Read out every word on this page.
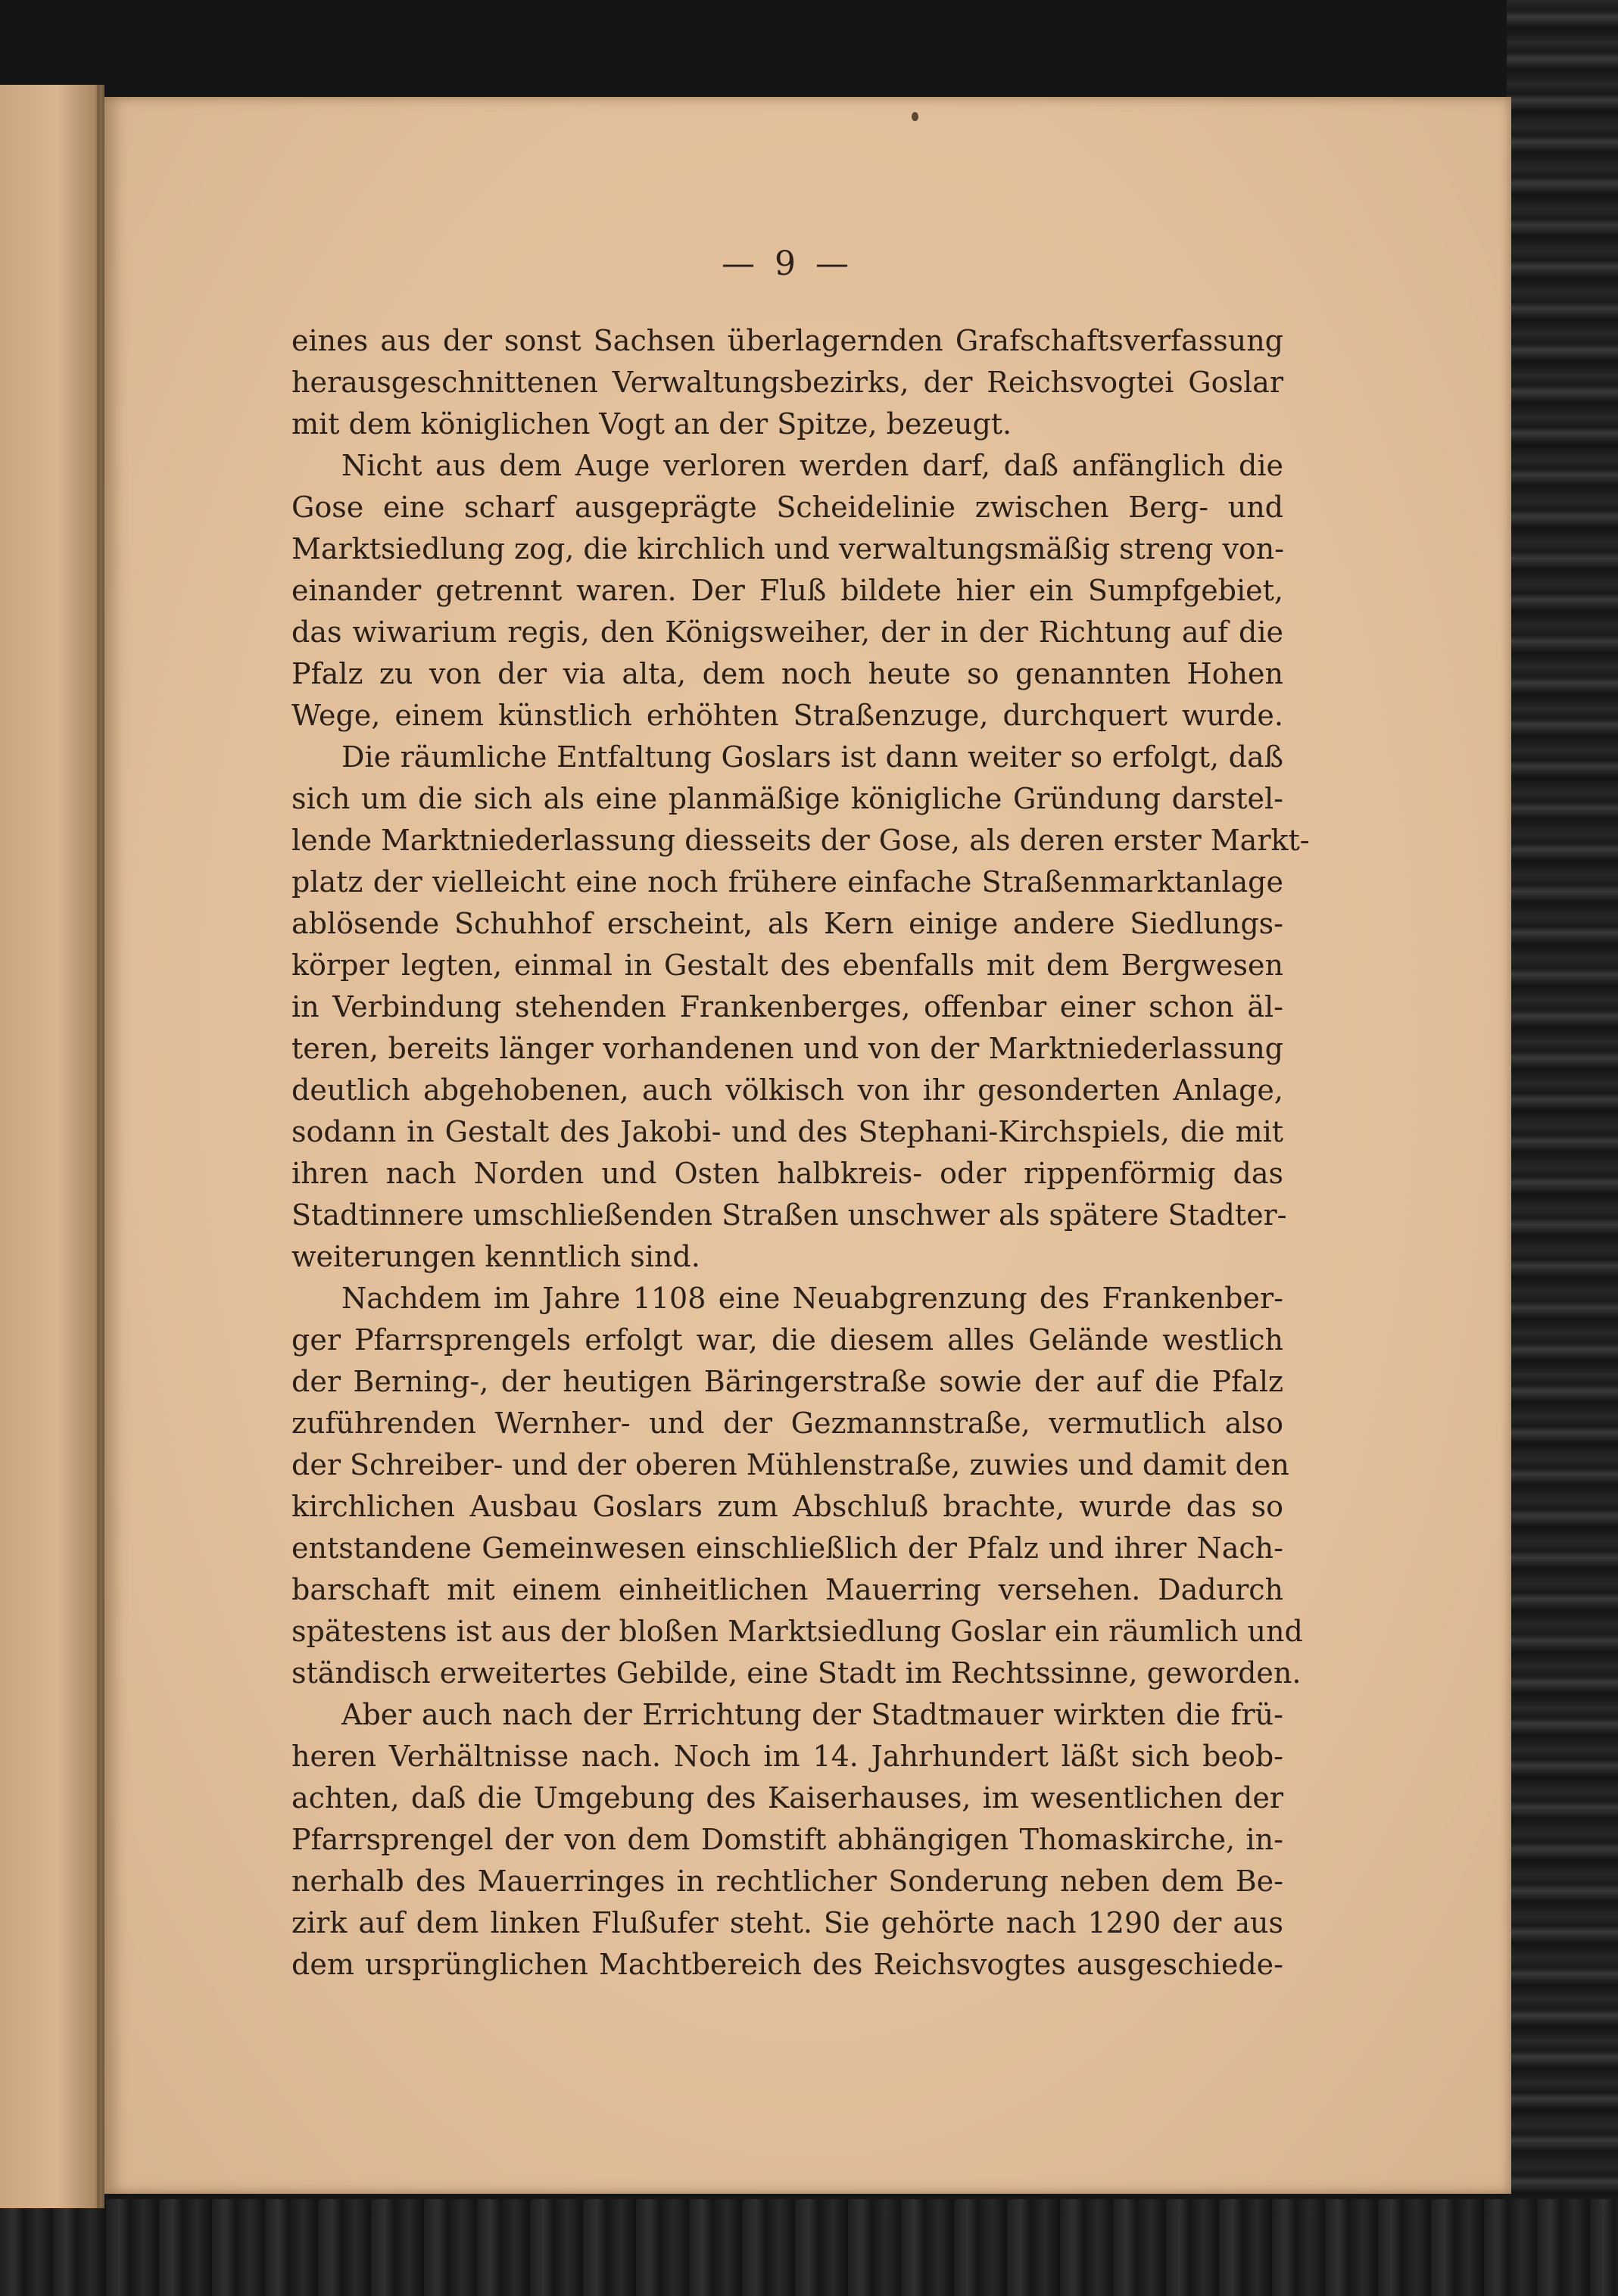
— 9 —
eines aus der sonst Sachsen überlagernden Grafschaftsverfassung
herausgeschnittenen Verwaltungsbezirks, der Reichsvogtei Goslar
mit dem königlichen Vogt an der Spitze, bezeugt.
Nicht aus dem Auge verloren werden darf, daß anfänglich die
Gose eine scharf ausgeprägte Scheidelinie zwischen Berg- und
Marktsiedlung zog, die kirchlich und verwaltungsmäßig streng von-
einander getrennt waren. Der Fluß bildete hier ein Sumpfgebiet,
das wiwarium regis, den Königsweiher, der in der Richtung auf die
Pfalz zu von der via alta, dem noch heute so genannten Hohen
Wege, einem künstlich erhöhten Straßenzuge, durchquert wurde.
Die räumliche Entfaltung Goslars ist dann weiter so erfolgt, daß
sich um die sich als eine planmäßige königliche Gründung darstel-
lende Marktniederlassung diesseits der Gose, als deren erster Markt-
platz der vielleicht eine noch frühere einfache Straßenmarktanlage
ablösende Schuhhof erscheint, als Kern einige andere Siedlungs-
körper legten, einmal in Gestalt des ebenfalls mit dem Bergwesen
in Verbindung stehenden Frankenberges, offenbar einer schon äl-
teren, bereits länger vorhandenen und von der Marktniederlassung
deutlich abgehobenen, auch völkisch von ihr gesonderten Anlage,
sodann in Gestalt des Jakobi- und des Stephani-Kirchspiels, die mit
ihren nach Norden und Osten halbkreis- oder rippenförmig das
Stadtinnere umschließenden Straßen unschwer als spätere Stadter-
weiterungen kenntlich sind.
Nachdem im Jahre 1108 eine Neuabgrenzung des Frankenber-
ger Pfarrsprengels erfolgt war, die diesem alles Gelände westlich
der Berning-, der heutigen Bäringerstraße sowie der auf die Pfalz
zuführenden Wernher- und der Gezmannstraße, vermutlich also
der Schreiber- und der oberen Mühlenstraße, zuwies und damit den
kirchlichen Ausbau Goslars zum Abschluß brachte, wurde das so
entstandene Gemeinwesen einschließlich der Pfalz und ihrer Nach-
barschaft mit einem einheitlichen Mauerring versehen. Dadurch
spätestens ist aus der bloßen Marktsiedlung Goslar ein räumlich und
ständisch erweitertes Gebilde, eine Stadt im Rechtssinne, geworden.
Aber auch nach der Errichtung der Stadtmauer wirkten die frü-
heren Verhältnisse nach. Noch im 14. Jahrhundert läßt sich beob-
achten, daß die Umgebung des Kaiserhauses, im wesentlichen der
Pfarrsprengel der von dem Domstift abhängigen Thomaskirche, in-
nerhalb des Mauerringes in rechtlicher Sonderung neben dem Be-
zirk auf dem linken Flußufer steht. Sie gehörte nach 1290 der aus
dem ursprünglichen Machtbereich des Reichsvogtes ausgeschiede-
